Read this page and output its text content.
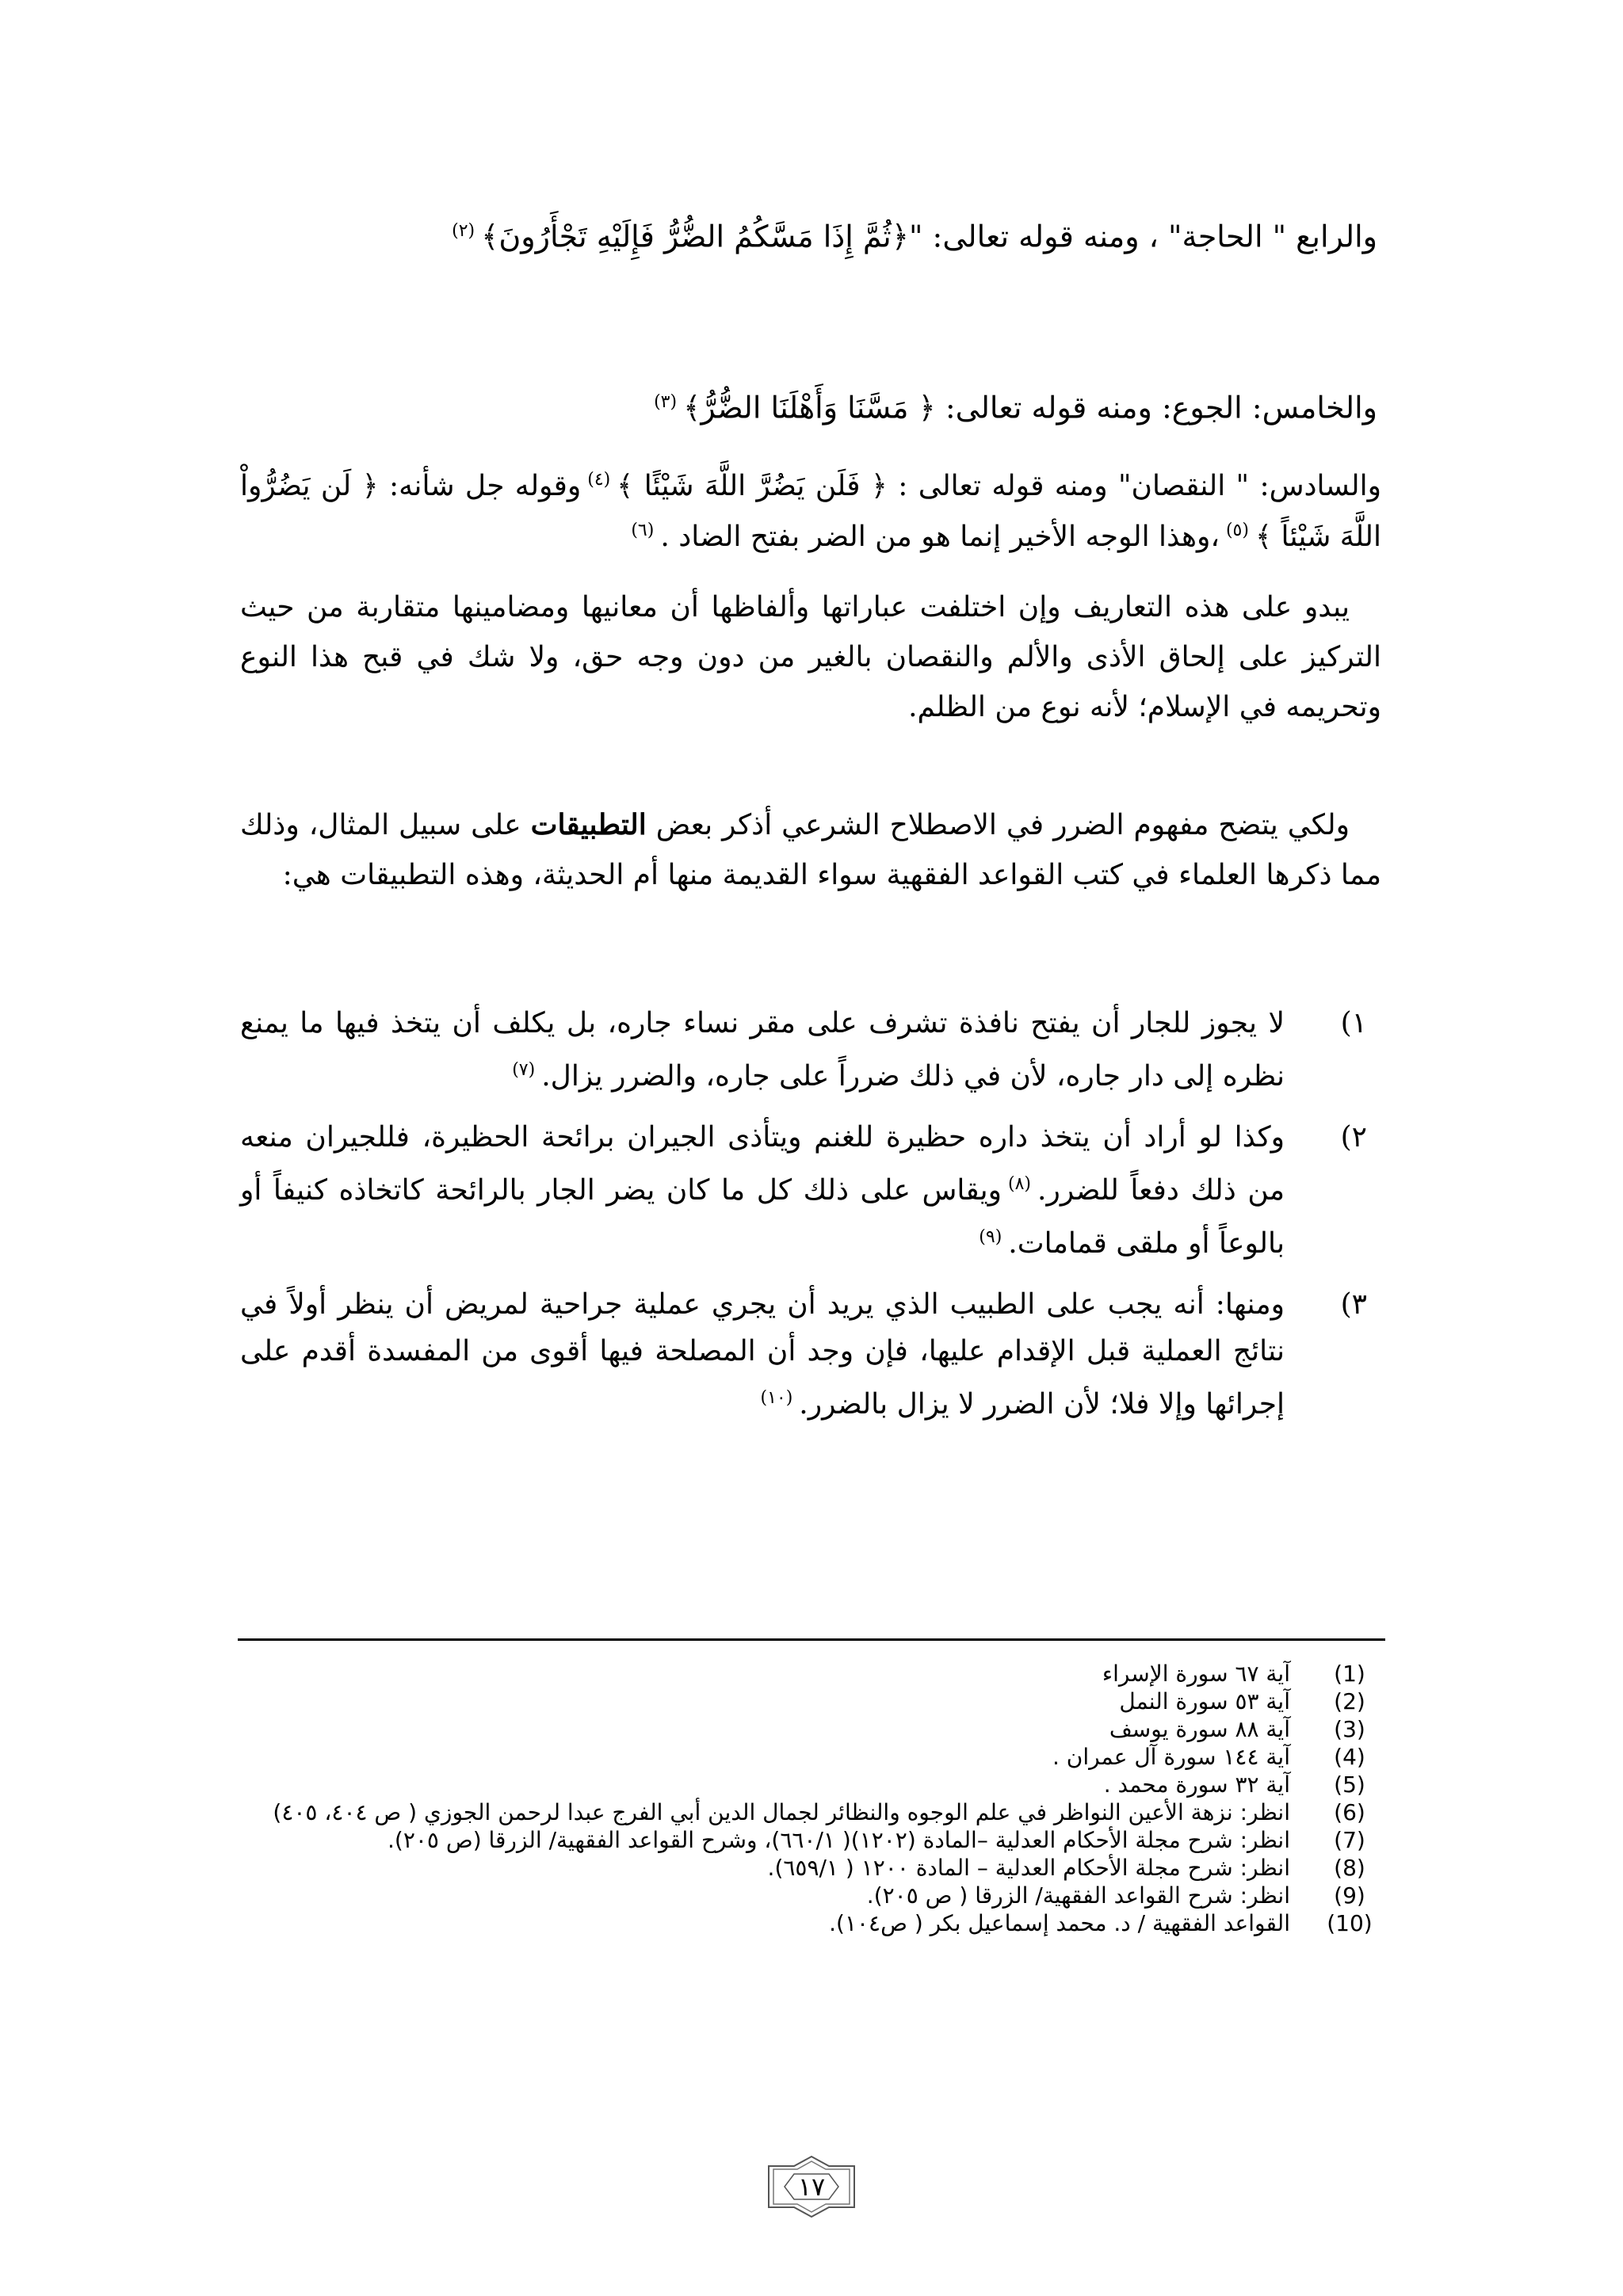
والرابع " الحاجة" ، ومنه قوله تعالى: "﴿ثُمَّ إِذَا مَسَّكُمُ الضُّرُّ فَإِلَيْهِ تَجْأَرُونَ﴾$^{(٢)}$
والخامس: الجوع: ومنه قوله تعالى: ﴿ مَسَّنَا وَأَهْلَنَا الضُّرُّ﴾$^{(٣)}$
والسادس: " النقصان" ومنه قوله تعالى : ﴿ فَلَن يَضُرَّ اللَّهَ شَيْئًا ﴾$^{(٤)}$وقوله جل شأنه: ﴿ لَن يَضُرُّواْ اللَّهَ شَيْئاً ﴾$^{(٥)}$،وهذا الوجه الأخير إنما هو من الضر بفتح الضاد .$^{(٦)}$
يبدو على هذه التعاريف وإن اختلفت عباراتها وألفاظها أن معانيها ومضامينها متقاربة من حيث التركيز على إلحاق الأذى والألم والنقصان بالغير من دون وجه حق، ولا شك في قبح هذا النوع وتحريمه في الإسلام؛ لأنه نوع من الظلم.
ولكي يتضح مفهوم الضرر في الاصطلاح الشرعي أذكر بعض التطبيقات على سبيل المثال، وذلك مما ذكرها العلماء في كتب القواعد الفقهية سواء القديمة منها أم الحديثة، وهذه التطبيقات هي:
١)
لا يجوز للجار أن يفتح نافذة تشرف على مقر نساء جاره، بل يكلف أن يتخذ فيها ما يمنع نظره إلى دار جاره، لأن في ذلك ضرراً على جاره، والضرر يزال.$^{(٧)}$
٢)
وكذا لو أراد أن يتخذ داره حظيرة للغنم ويتأذى الجيران برائحة الحظيرة، فللجيران منعه من ذلك دفعاً للضرر.$^{(٨)}$ويقاس على ذلك كل ما كان يضر الجار بالرائحة كاتخاذه كنيفاً أو بالوعاً أو ملقى قمامات.$^{(٩)}$
٣)
ومنها: أنه يجب على الطبيب الذي يريد أن يجري عملية جراحية لمريض أن ينظر أولاً في نتائج العملية قبل الإقدام عليها، فإن وجد أن المصلحة فيها أقوى من المفسدة أقدم على إجرائها وإلا فلا؛ لأن الضرر لا يزال بالضرر.$^{(١٠)}$
(1)
آية ٦٧ سورة الإسراء
(2)
آية ٥٣ سورة النمل
(3)
آية ٨٨ سورة يوسف
(4)
آية ١٤٤ سورة آل عمران .
(5)
آية ٣٢ سورة محمد .
(6)
انظر: نزهة الأعين النواظر في علم الوجوه والنظائر لجمال الدين أبي الفرج عبدا لرحمن الجوزي ( ص ٤٠٤، ٤٠٥)
(7)
انظر: شرح مجلة الأحكام العدلية –المادة (١٢٠٢)( ٦٦٠/١)، وشرح القواعد الفقهية/ الزرقا (ص ٢٠٥).
(8)
انظر: شرح مجلة الأحكام العدلية – المادة ١٢٠٠ ( ٦٥٩/١).
(9)
انظر: شرح القواعد الفقهية/ الزرقا ( ص ٢٠٥).
(10)
القواعد الفقهية / د. محمد إسماعيل بكر ( ص١٠٤).
١٧
